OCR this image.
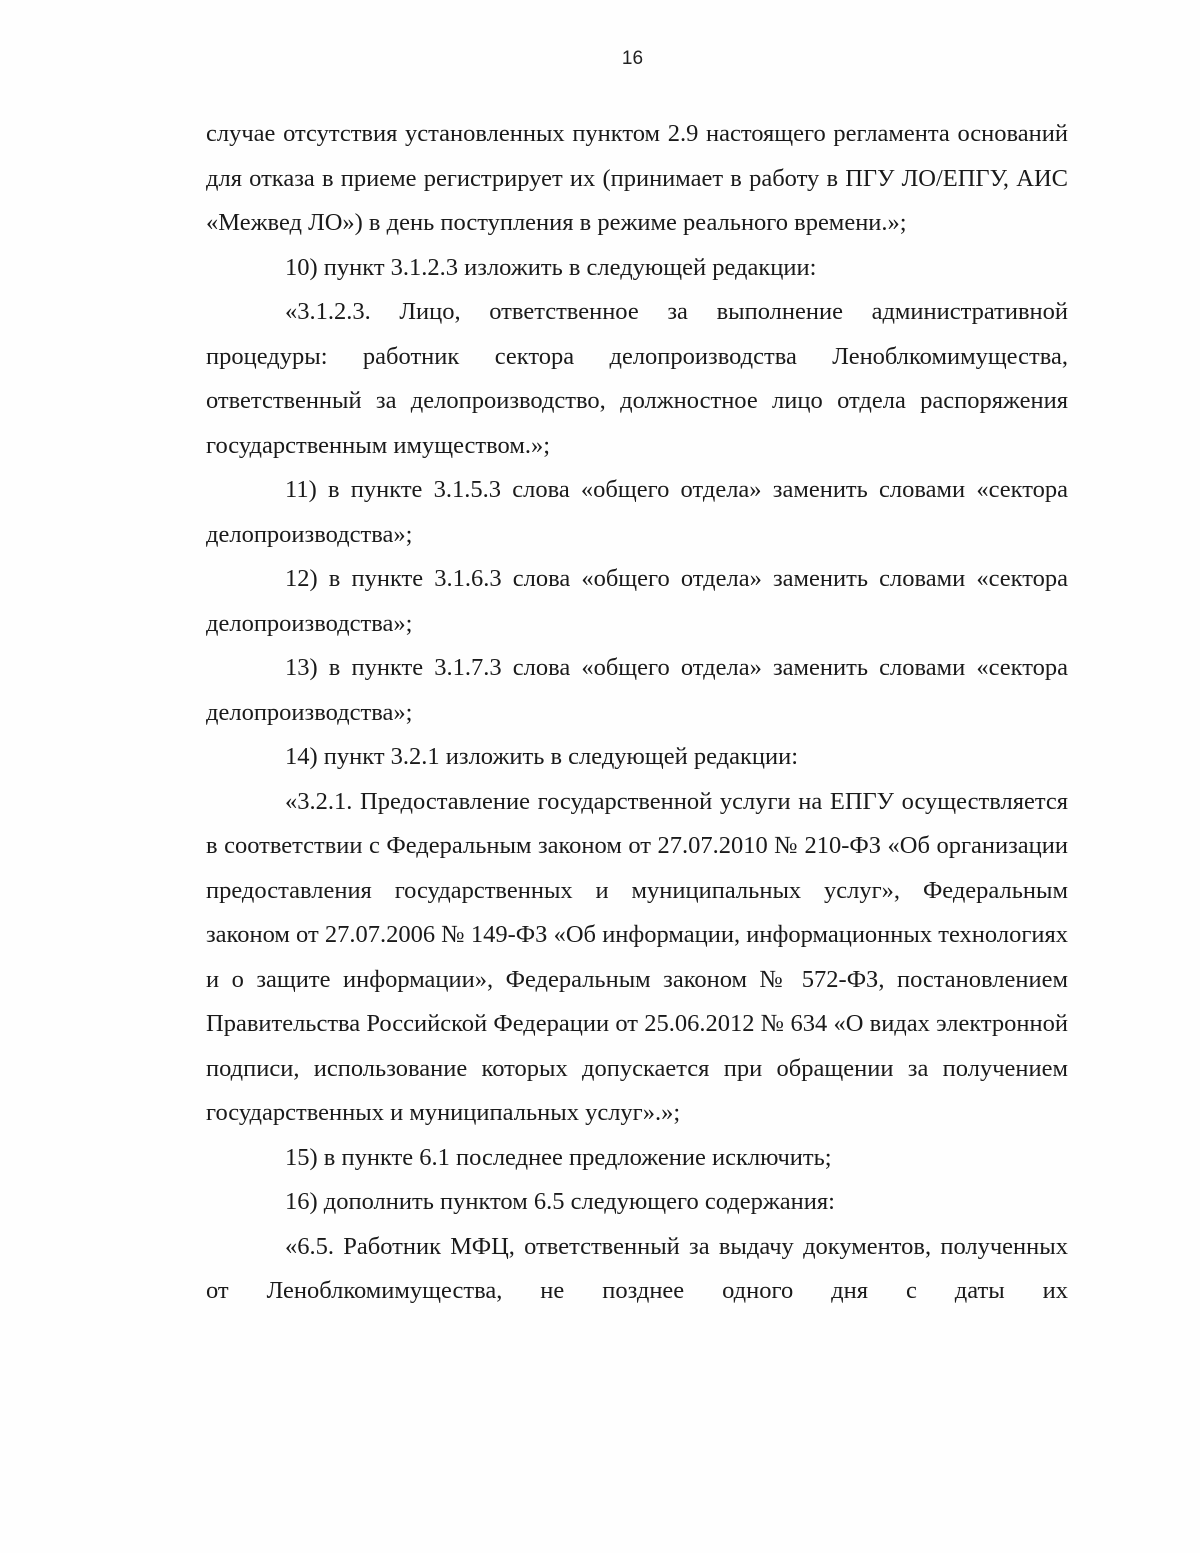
16

случае отсутствия установленных пунктом 2.9 настоящего регламента оснований для отказа в приеме регистрирует их (принимает в работу в ПГУ ЛО/ЕПГУ, АИС «Межвед ЛО») в день поступления в режиме реального времени.»;

10) пункт 3.1.2.3 изложить в следующей редакции:

«3.1.2.3. Лицо, ответственное за выполнение административной процедуры: работник сектора делопроизводства Леноблкомимущества, ответственный за делопроизводство, должностное лицо отдела распоряжения государственным имуществом.»;

11) в пункте 3.1.5.3 слова «общего отдела» заменить словами «сектора делопроизводства»;

12) в пункте 3.1.6.3 слова «общего отдела» заменить словами «сектора делопроизводства»;

13) в пункте 3.1.7.3 слова «общего отдела» заменить словами «сектора делопроизводства»;

14) пункт 3.2.1 изложить в следующей редакции:

«3.2.1. Предоставление государственной услуги на ЕПГУ осуществляется в соответствии с Федеральным законом от 27.07.2010 № 210-ФЗ «Об организации предоставления государственных и муниципальных услуг», Федеральным законом от 27.07.2006 № 149-ФЗ «Об информации, информационных технологиях и о защите информации», Федеральным законом № 572-ФЗ, постановлением Правительства Российской Федерации от 25.06.2012 № 634 «О видах электронной подписи, использование которых допускается при обращении за получением государственных и муниципальных услуг».»;

15) в пункте 6.1 последнее предложение исключить;

16) дополнить пунктом 6.5 следующего содержания:

«6.5. Работник МФЦ, ответственный за выдачу документов, полученных от Леноблкомимущества, не позднее одного дня с даты их
